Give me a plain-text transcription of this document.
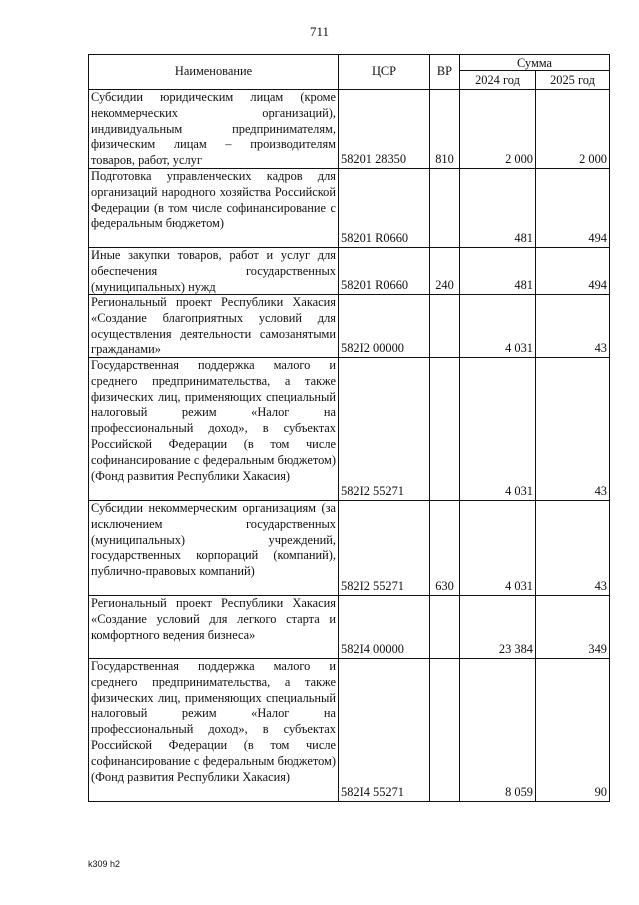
711
Наименование	ЦСР	ВР	Сумма	
			2024 год	2025 год

Субсидии юридическим лицам (кроме некоммерческих организаций), индивидуальным предпринимателям, физическим лицам – производителям товаров, работ, услуг	58201 28350	810	2 000	2 000

Подготовка управленческих кадров для организаций народного хозяйства Российской Федерации (в том числе софинансирование с федеральным бюджетом)	58201 R0660		481	494

Иные закупки товаров, работ и услуг для обеспечения государственных (муниципальных) нужд	58201 R0660	240	481	494

Региональный проект Республики Хакасия «Создание благоприятных условий для осуществления деятельности самозанятыми гражданами»	582I2 00000		4 031	43

Государственная поддержка малого и среднего предпринимательства, а также физических лиц, применяющих специальный налоговый режим «Налог на профессиональный доход», в субъектах Российской Федерации (в том числе софинансирование с федеральным бюджетом) (Фонд развития Республики Хакасия)	582I2 55271		4 031	43

Субсидии некоммерческим организациям (за исключением государственных (муниципальных) учреждений, государственных корпораций (компаний), публично-правовых компаний)	582I2 55271	630	4 031	43

Региональный проект Республики Хакасия «Создание условий для легкого старта и комфортного ведения бизнеса»	582I4 00000		23 384	349

Государственная поддержка малого и среднего предпринимательства, а также физических лиц, применяющих специальный налоговый режим «Налог на профессиональный доход», в субъектах Российской Федерации (в том числе софинансирование с федеральным бюджетом) (Фонд развития Республики Хакасия)	582I4 55271		8 059	90
k309 h2
